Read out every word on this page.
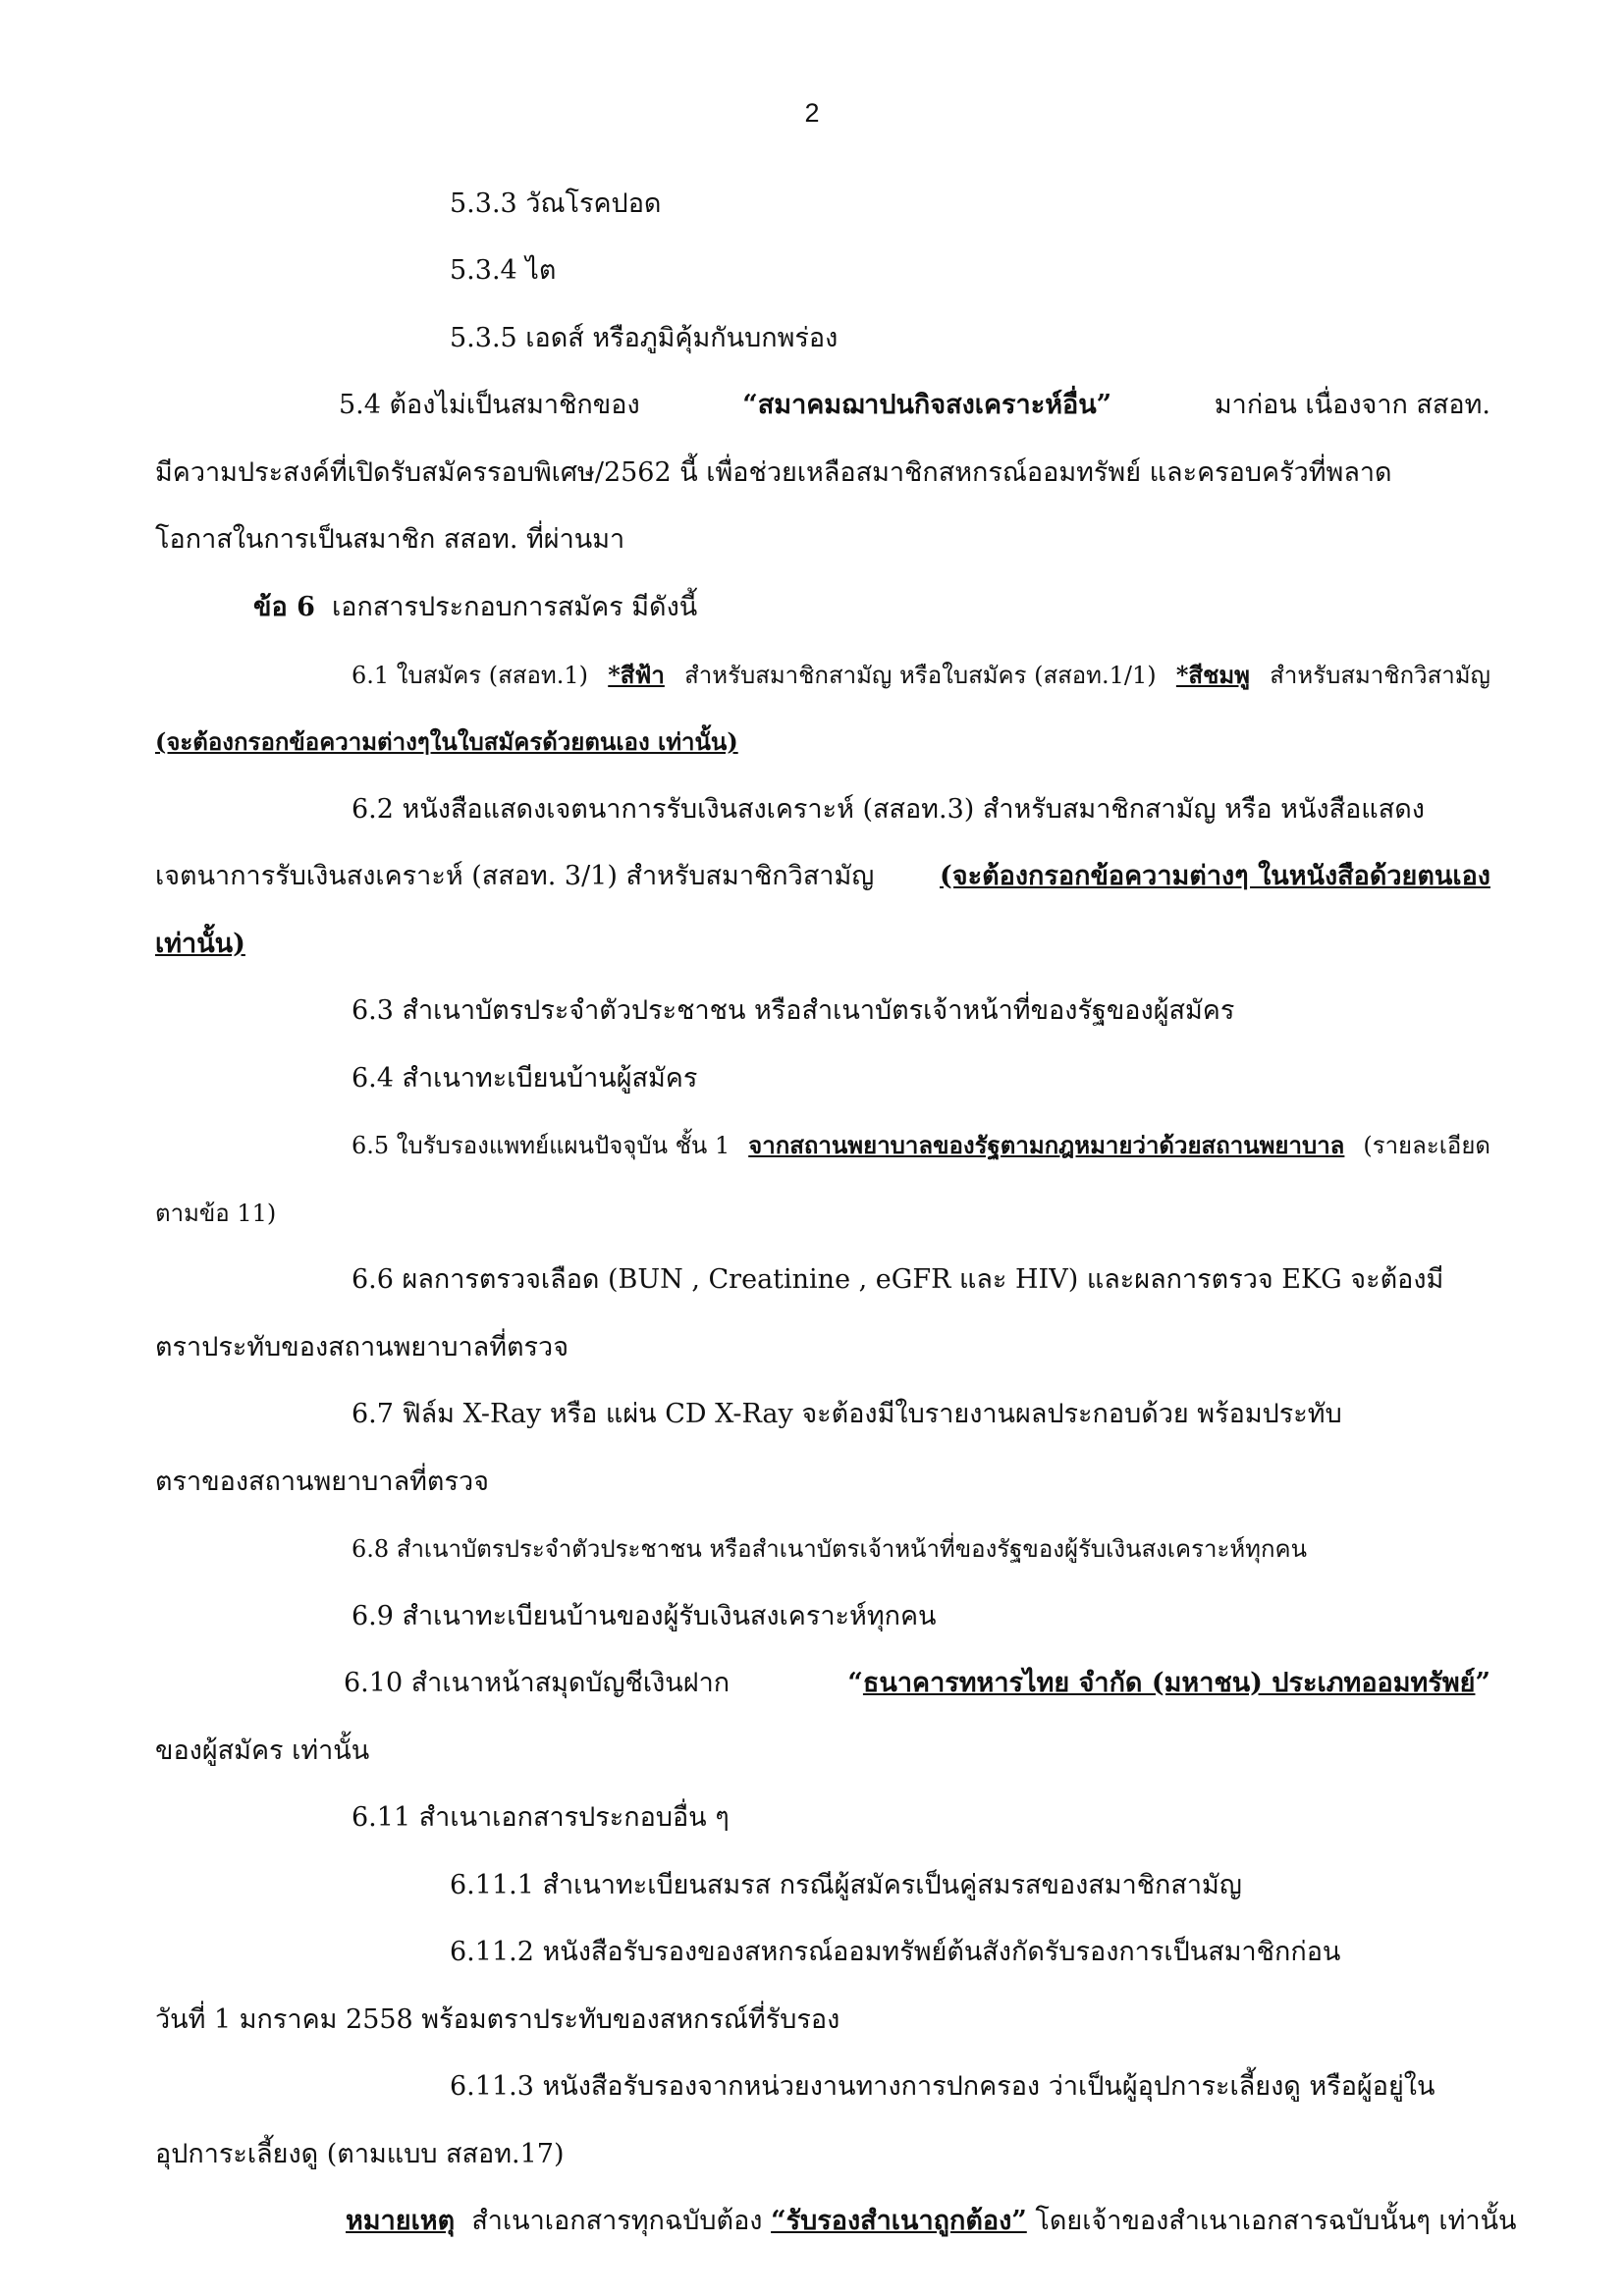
2
5.3.3 วัณโรคปอด
5.3.4 ไต
5.3.5 เอดส์ หรือภูมิคุ้มกันบกพร่อง
5.4 ต้องไม่เป็นสมาชิกของ	“สมาคมฌาปนกิจสงเคราะห์อื่น”	มาก่อน เนื่องจาก สสอท.
มีความประสงค์ที่เปิดรับสมัครรอบพิเศษ/2562 นี้ เพื่อช่วยเหลือสมาชิกสหกรณ์ออมทรัพย์ และครอบครัวที่พลาด
โอกาสในการเป็นสมาชิก สสอท. ที่ผ่านมา
ข้อ 6 เอกสารประกอบการสมัคร มีดังนี้
6.1 ใบสมัคร (สสอท.1) *สีฟ้า สำหรับสมาชิกสามัญ หรือใบสมัคร (สสอท.1/1) *สีชมพู สำหรับสมาชิกวิสามัญ
(จะต้องกรอกข้อความต่างๆในใบสมัครด้วยตนเอง เท่านั้น)
6.2 หนังสือแสดงเจตนาการรับเงินสงเคราะห์ (สสอท.3) สำหรับสมาชิกสามัญ หรือ หนังสือแสดง
เจตนาการรับเงินสงเคราะห์ (สสอท. 3/1) สำหรับสมาชิกวิสามัญ (จะต้องกรอกข้อความต่างๆ ในหนังสือด้วยตนเอง
เท่านั้น)
6.3 สำเนาบัตรประจำตัวประชาชน หรือสำเนาบัตรเจ้าหน้าที่ของรัฐของผู้สมัคร
6.4 สำเนาทะเบียนบ้านผู้สมัคร
6.5 ใบรับรองแพทย์แผนปัจจุบัน ชั้น 1 จากสถานพยาบาลของรัฐตามกฎหมายว่าด้วยสถานพยาบาล (รายละเอียด
ตามข้อ 11)
6.6 ผลการตรวจเลือด (BUN , Creatinine , eGFR และ HIV) และผลการตรวจ EKG จะต้องมี
ตราประทับของสถานพยาบาลที่ตรวจ
6.7 ฟิล์ม X-Ray หรือ แผ่น CD X-Ray จะต้องมีใบรายงานผลประกอบด้วย พร้อมประทับ
ตราของสถานพยาบาลที่ตรวจ
6.8 สำเนาบัตรประจำตัวประชาชน หรือสำเนาบัตรเจ้าหน้าที่ของรัฐของผู้รับเงินสงเคราะห์ทุกคน
6.9 สำเนาทะเบียนบ้านของผู้รับเงินสงเคราะห์ทุกคน
6.10 สำเนาหน้าสมุดบัญชีเงินฝาก	“ธนาคารทหารไทย จำกัด (มหาชน) ประเภทออมทรัพย์”
ของผู้สมัคร เท่านั้น
6.11 สำเนาเอกสารประกอบอื่น ๆ
6.11.1 สำเนาทะเบียนสมรส กรณีผู้สมัครเป็นคู่สมรสของสมาชิกสามัญ
6.11.2 หนังสือรับรองของสหกรณ์ออมทรัพย์ต้นสังกัดรับรองการเป็นสมาชิกก่อน
วันที่ 1 มกราคม 2558 พร้อมตราประทับของสหกรณ์ที่รับรอง
6.11.3 หนังสือรับรองจากหน่วยงานทางการปกครอง ว่าเป็นผู้อุปการะเลี้ยงดู หรือผู้อยู่ใน
อุปการะเลี้ยงดู (ตามแบบ สสอท.17)
หมายเหตุ สำเนาเอกสารทุกฉบับต้อง “รับรองสำเนาถูกต้อง” โดยเจ้าของสำเนาเอกสารฉบับนั้นๆ เท่านั้น
